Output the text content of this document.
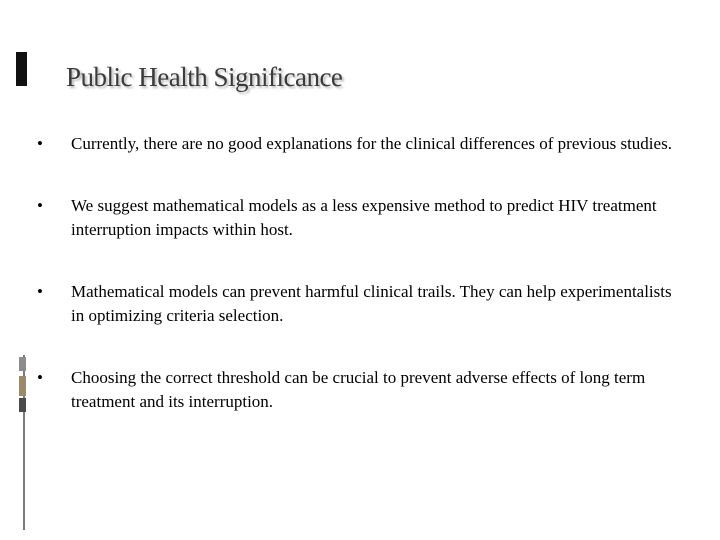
Public Health Significance
•	Currently, there are no good explanations for the clinical differences of previous studies.
•	We suggest mathematical models as a less expensive method to predict HIV treatment interruption impacts within host.
•	Mathematical models can prevent harmful clinical trails. They can help experimentalists in optimizing criteria selection.
•	Choosing the correct threshold can be crucial to prevent adverse effects of long term treatment and its interruption.
